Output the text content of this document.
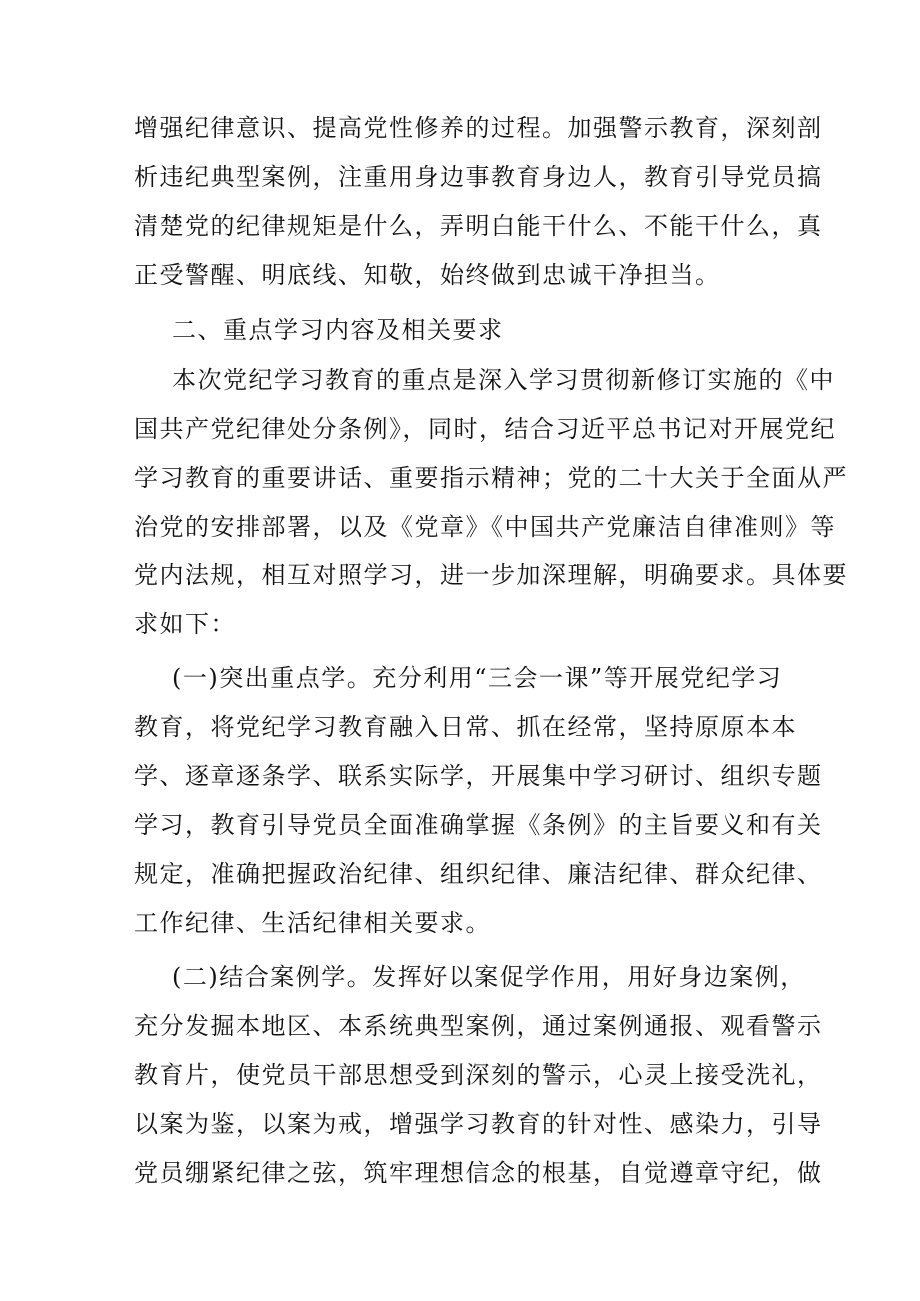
增强纪律意识、提高党性修养的过程。加强警示教育，深刻剖
析违纪典型案例，注重用身边事教育身边人，教育引导党员搞
清楚党的纪律规矩是什么，弄明白能干什么、不能干什么，真
正受警醒、明底线、知敬，始终做到忠诚干净担当。
二、重点学习内容及相关要求
本次党纪学习教育的重点是深入学习贯彻新修订实施的《中
国共产党纪律处分条例》，同时，结合习近平总书记对开展党纪
学习教育的重要讲话、重要指示精神；党的二十大关于全面从严
治党的安排部署，以及《党章》《中国共产党廉洁自律准则》等
党内法规，相互对照学习，进一步加深理解，明确要求。具体要
求如下：
(一)突出重点学。充分利用“三会一课”等开展党纪学习
教育，将党纪学习教育融入日常、抓在经常，坚持原原本本
学、逐章逐条学、联系实际学，开展集中学习研讨、组织专题
学习，教育引导党员全面准确掌握《条例》的主旨要义和有关
规定，准确把握政治纪律、组织纪律、廉洁纪律、群众纪律、
工作纪律、生活纪律相关要求。
(二)结合案例学。发挥好以案促学作用，用好身边案例，
充分发掘本地区、本系统典型案例，通过案例通报、观看警示
教育片，使党员干部思想受到深刻的警示，心灵上接受洗礼，
以案为鉴，以案为戒，增强学习教育的针对性、感染力，引导
党员绷紧纪律之弦，筑牢理想信念的根基，自觉遵章守纪，做
